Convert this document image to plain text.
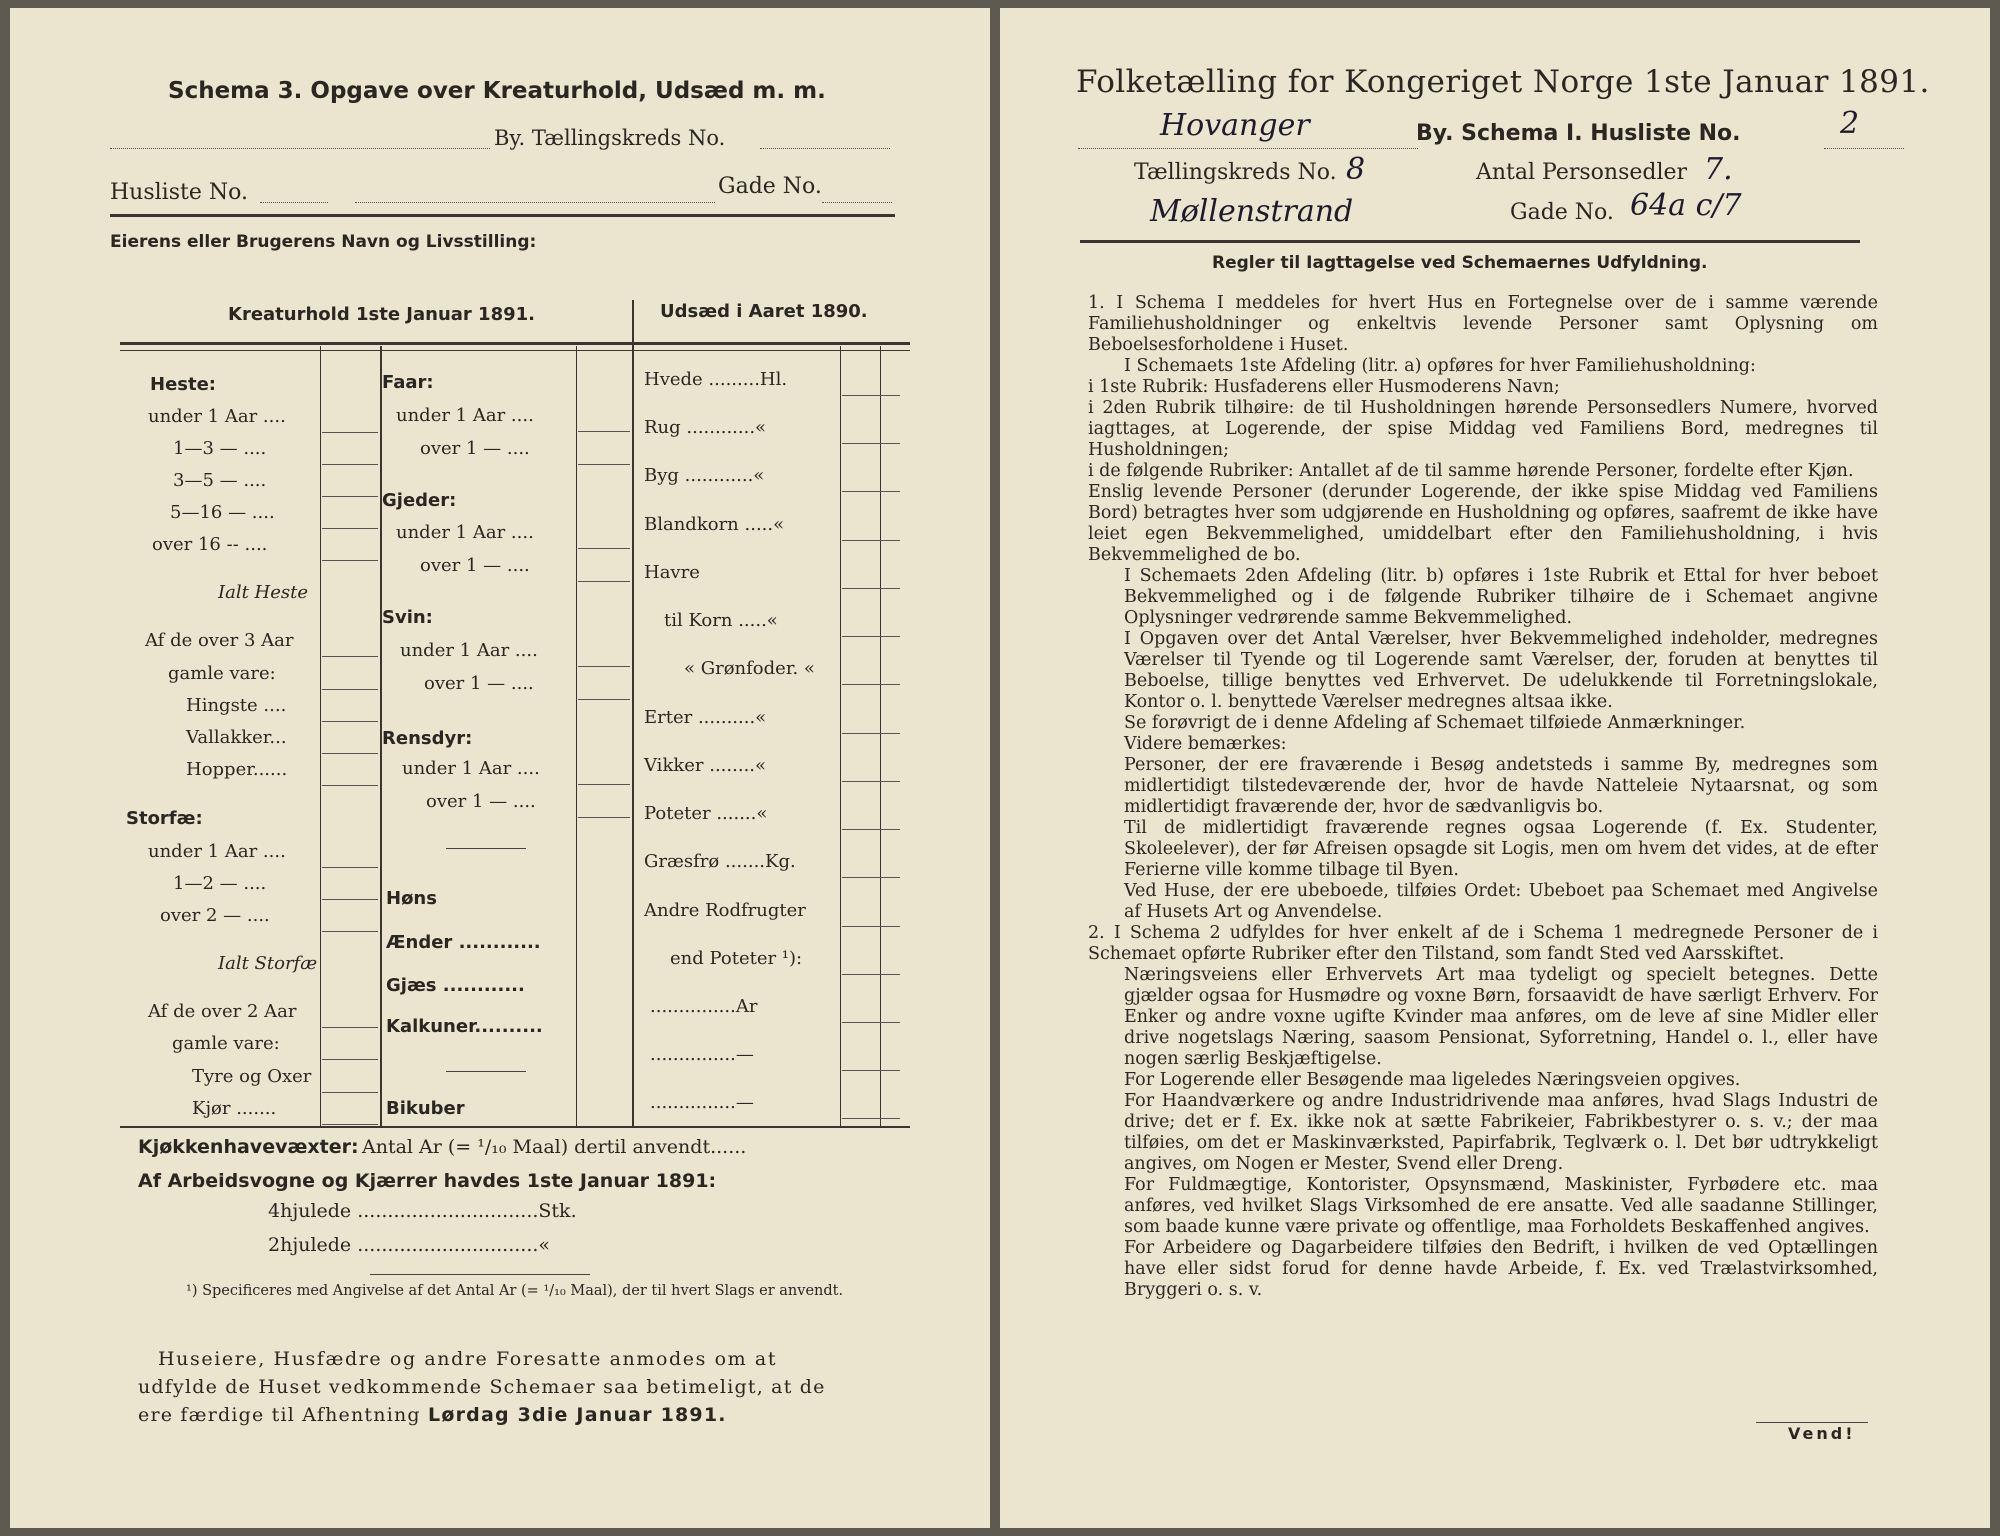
Schema 3. Opgave over Kreaturhold, Udsæd m. m.
By. Tællingskreds No.
Husliste No.	Gade No.
Eierens eller Brugerens Navn og Livsstilling:
Kreaturhold 1ste Januar 1891.	Udsæd i Aaret 1890.
Heste:
under 1 Aar ....
1—3 — ....
3—5 — ....
5—16 — ....
over 16 -- ....
Ialt Heste
Af de over 3 Aar
gamle vare:
Hingste ....
Vallakker...
Hopper......
Storfæ:
under 1 Aar ....
1—2 — ....
over 2 — ....
Ialt Storfæ
Af de over 2 Aar
gamle vare:
Tyre og Oxer
Kjør .......
Faar:
under 1 Aar ....
over 1 — ....
Gjeder:
under 1 Aar ....
over 1 — ....
Svin:
under 1 Aar ....
over 1 — ....
Rensdyr:
under 1 Aar ....
over 1 — ....
Høns
Ænder ............
Gjæs ............
Kalkuner..........
Bikuber
Hvede .........Hl.
Rug ............«
Byg ............«
Blandkorn .....«
Havre
til Korn .....«
« Grønfoder. «
Erter ..........«
Vikker ........«
Poteter .......«
Græsfrø .......Kg.
Andre Rodfrugter
end Poteter ¹):
...............Ar
...............—
...............—
Kjøkkenhavevæxter: Antal Ar (= ¹/₁₀ Maal) dertil anvendt......
Af Arbeidsvogne og Kjærrer havdes 1ste Januar 1891:
4hjulede ..............................Stk.
2hjulede ..............................«
¹) Specificeres med Angivelse af det Antal Ar (= ¹/₁₀ Maal), der til hvert Slags er anvendt.
Huseiere, Husfædre og andre Foresatte anmodes om at
udfylde de Huset vedkommende Schemaer saa betimeligt, at de
ere færdige til Afhentning Lørdag 3die Januar 1891.
Folketælling for Kongeriget Norge 1ste Januar 1891.
Hovanger	By. Schema I. Husliste No.	2
Tællingskreds No. 8	Antal Personsedler 7.
Møllenstrand	Gade No. 64a c/7
Regler til Iagttagelse ved Schemaernes Udfyldning.

1. I Schema I meddeles for hvert Hus en Fortegnelse over de i samme værende Familiehusholdninger og enkeltvis levende Personer samt Oplysning om Beboelsesforholdene i Huset.

I Schemaets 1ste Afdeling (litr. a) opføres for hver Familiehusholdning:

i 1ste Rubrik: Husfaderens eller Husmoderens Navn;

i 2den Rubrik tilhøire: de til Husholdningen hørende Personsedlers Numere, hvorved iagttages, at Logerende, der spise Middag ved Familiens Bord, medregnes til Husholdningen;

i de følgende Rubriker: Antallet af de til samme hørende Personer, fordelte efter Kjøn.

Enslig levende Personer (derunder Logerende, der ikke spise Middag ved Familiens Bord) betragtes hver som udgjørende en Husholdning og opføres, saafremt de ikke have leiet egen Bekvemmelighed, umiddelbart efter den Familiehusholdning, i hvis Bekvemmelighed de bo.

I Schemaets 2den Afdeling (litr. b) opføres i 1ste Rubrik et Ettal for hver beboet Bekvemmelighed og i de følgende Rubriker tilhøire de i Schemaet angivne Oplysninger vedrørende samme Bekvemmelighed.

I Opgaven over det Antal Værelser, hver Bekvemmelighed indeholder, medregnes Værelser til Tyende og til Logerende samt Værelser, der, foruden at benyttes til Beboelse, tillige benyttes ved Erhvervet. De udelukkende til Forretningslokale, Kontor o. l. benyttede Værelser medregnes altsaa ikke.

Se forøvrigt de i denne Afdeling af Schemaet tilføiede Anmærkninger.

Videre bemærkes:

Personer, der ere fraværende i Besøg andetsteds i samme By, medregnes som midlertidigt tilstedeværende der, hvor de havde Natteleie Nytaarsnat, og som midlertidigt fraværende der, hvor de sædvanligvis bo.

Til de midlertidigt fraværende regnes ogsaa Logerende (f. Ex. Studenter, Skoleelever), der før Afreisen opsagde sit Logis, men om hvem det vides, at de efter Ferierne ville komme tilbage til Byen.

Ved Huse, der ere ubeboede, tilføies Ordet: Ubeboet paa Schemaet med Angivelse af Husets Art og Anvendelse.

2. I Schema 2 udfyldes for hver enkelt af de i Schema 1 medregnede Personer de i Schemaet opførte Rubriker efter den Tilstand, som fandt Sted ved Aarsskiftet.

Næringsveiens eller Erhvervets Art maa tydeligt og specielt betegnes. Dette gjælder ogsaa for Husmødre og voxne Børn, forsaavidt de have særligt Erhverv. For Enker og andre voxne ugifte Kvinder maa anføres, om de leve af sine Midler eller drive nogetslags Næring, saasom Pensionat, Syforretning, Handel o. l., eller have nogen særlig Beskjæftigelse.

For Logerende eller Besøgende maa ligeledes Næringsveien opgives.

For Haandværkere og andre Industridrivende maa anføres, hvad Slags Industri de drive; det er f. Ex. ikke nok at sætte Fabrikeier, Fabrikbestyrer o. s. v.; der maa tilføies, om det er Maskinværksted, Papirfabrik, Teglværk o. l. Det bør udtrykkeligt angives, om Nogen er Mester, Svend eller Dreng.

For Fuldmægtige, Kontorister, Opsynsmænd, Maskinister, Fyrbødere etc. maa anføres, ved hvilket Slags Virksomhed de ere ansatte. Ved alle saadanne Stillinger, som baade kunne være private og offentlige, maa Forholdets Beskaffenhed angives.

For Arbeidere og Dagarbeidere tilføies den Bedrift, i hvilken de ved Optællingen have eller sidst forud for denne havde Arbeide, f. Ex. ved Trælastvirksomhed, Bryggeri o. s. v.

Vend!
